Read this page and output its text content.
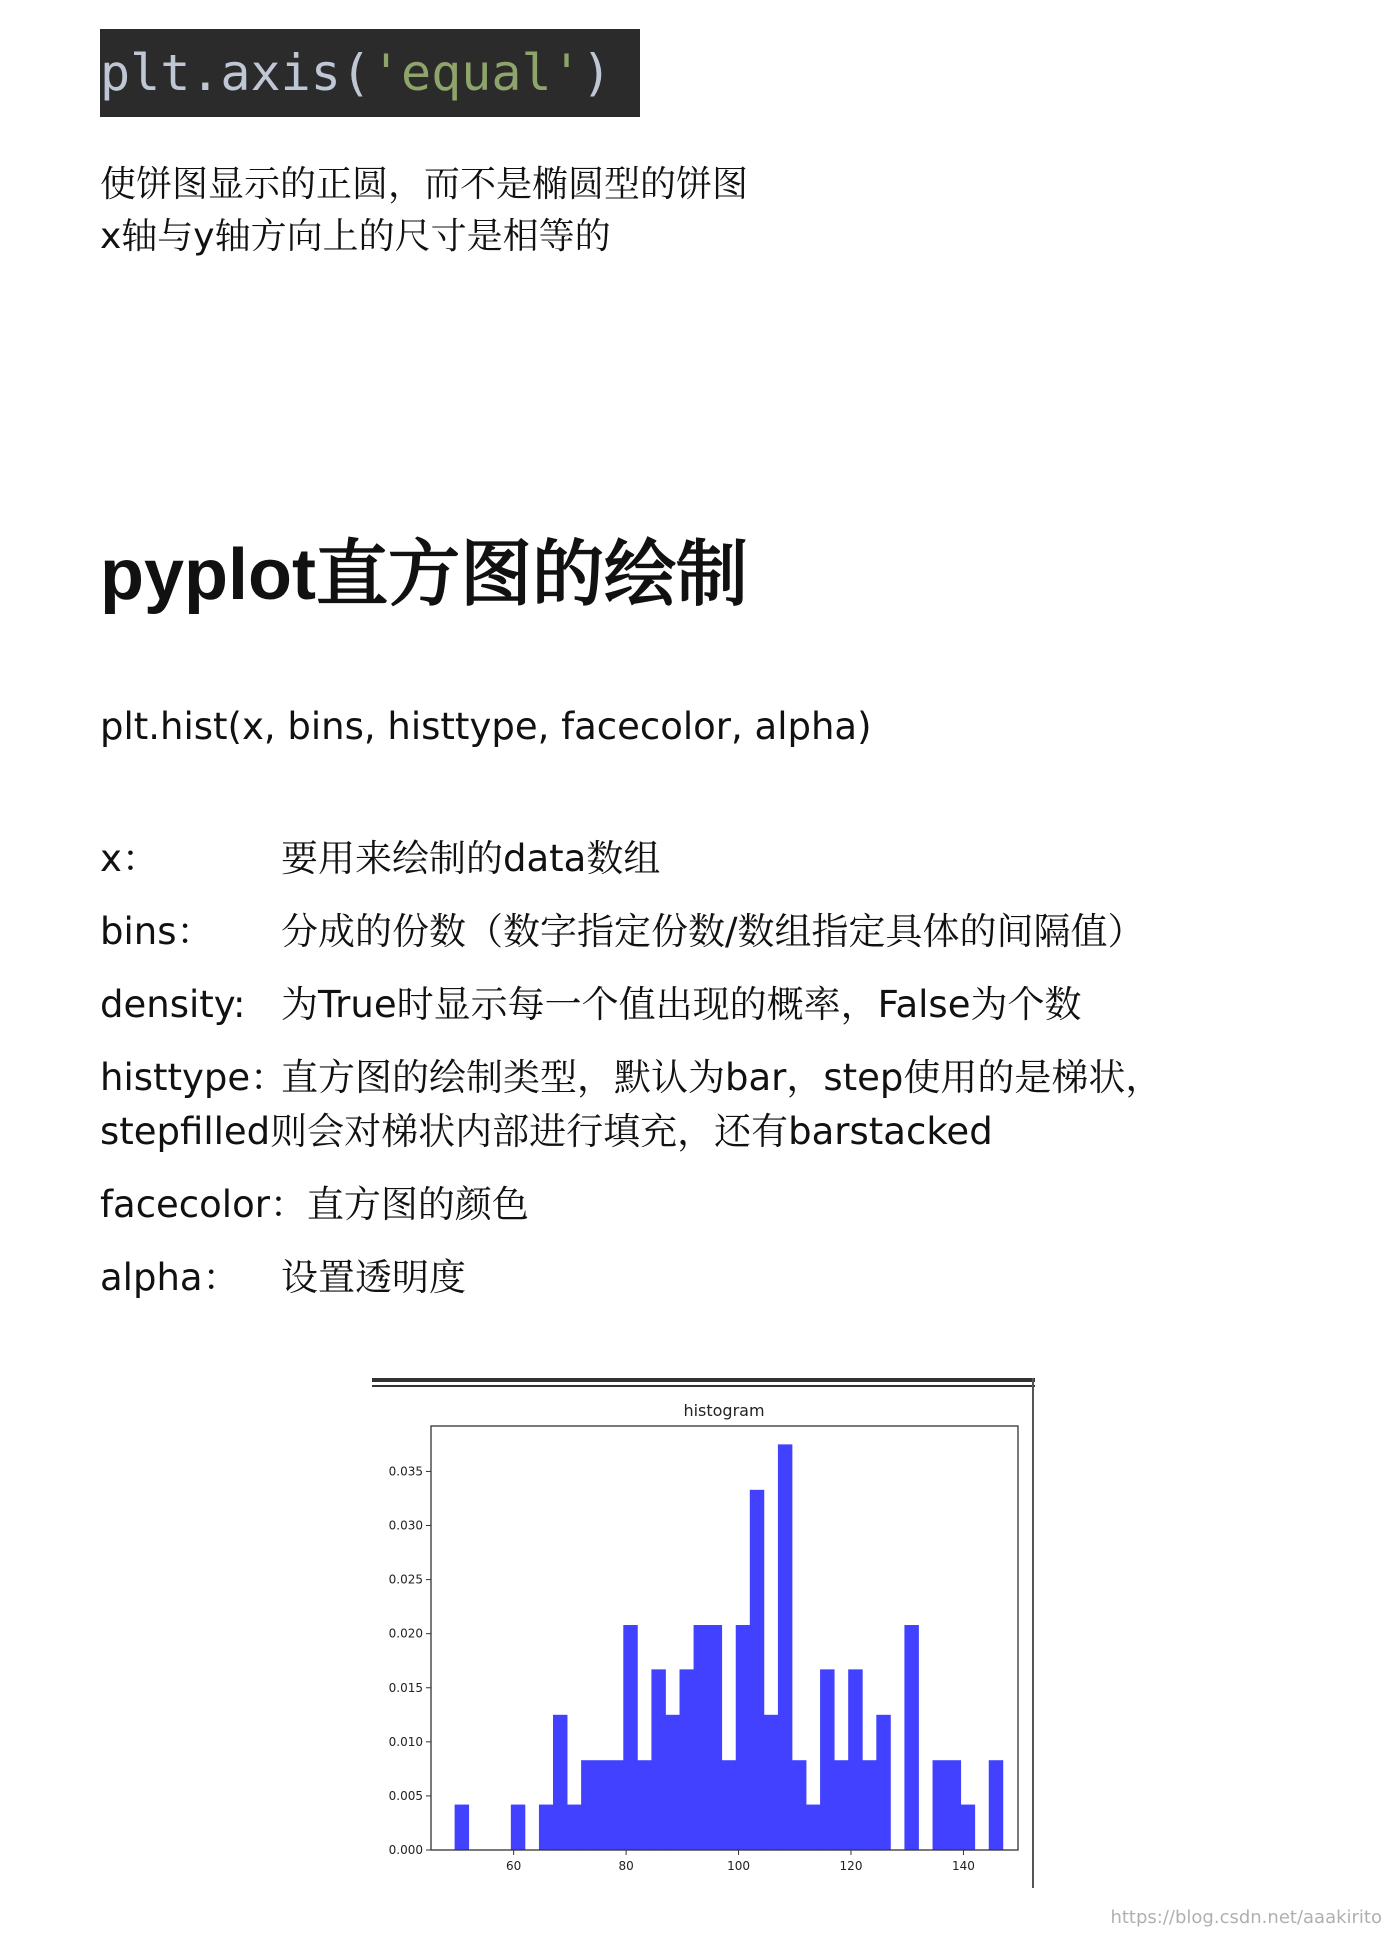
plt.axis('equal')
使饼图显示的正圆，而不是椭圆型的饼图
x轴与y轴方向上的尺寸是相等的
pyplot直方图的绘制
plt.hist(x, bins, histtype, facecolor, alpha)
x：	要用来绘制的data数组
bins： 分成的份数（数字指定份数/数组指定具体的间隔值）
density: 为True时显示每一个值出现的概率，False为个数
histtype：直方图的绘制类型，默认为bar，step使用的是梯状，
stepfilled则会对梯状内部进行填充，还有barstacked
facecolor：直方图的颜色
alpha： 设置透明度
histogram
0.000
0.005
0.010
0.015
0.020
0.025
0.030
0.035
60	80	100	120	140
https://blog.csdn.net/aaakirito
